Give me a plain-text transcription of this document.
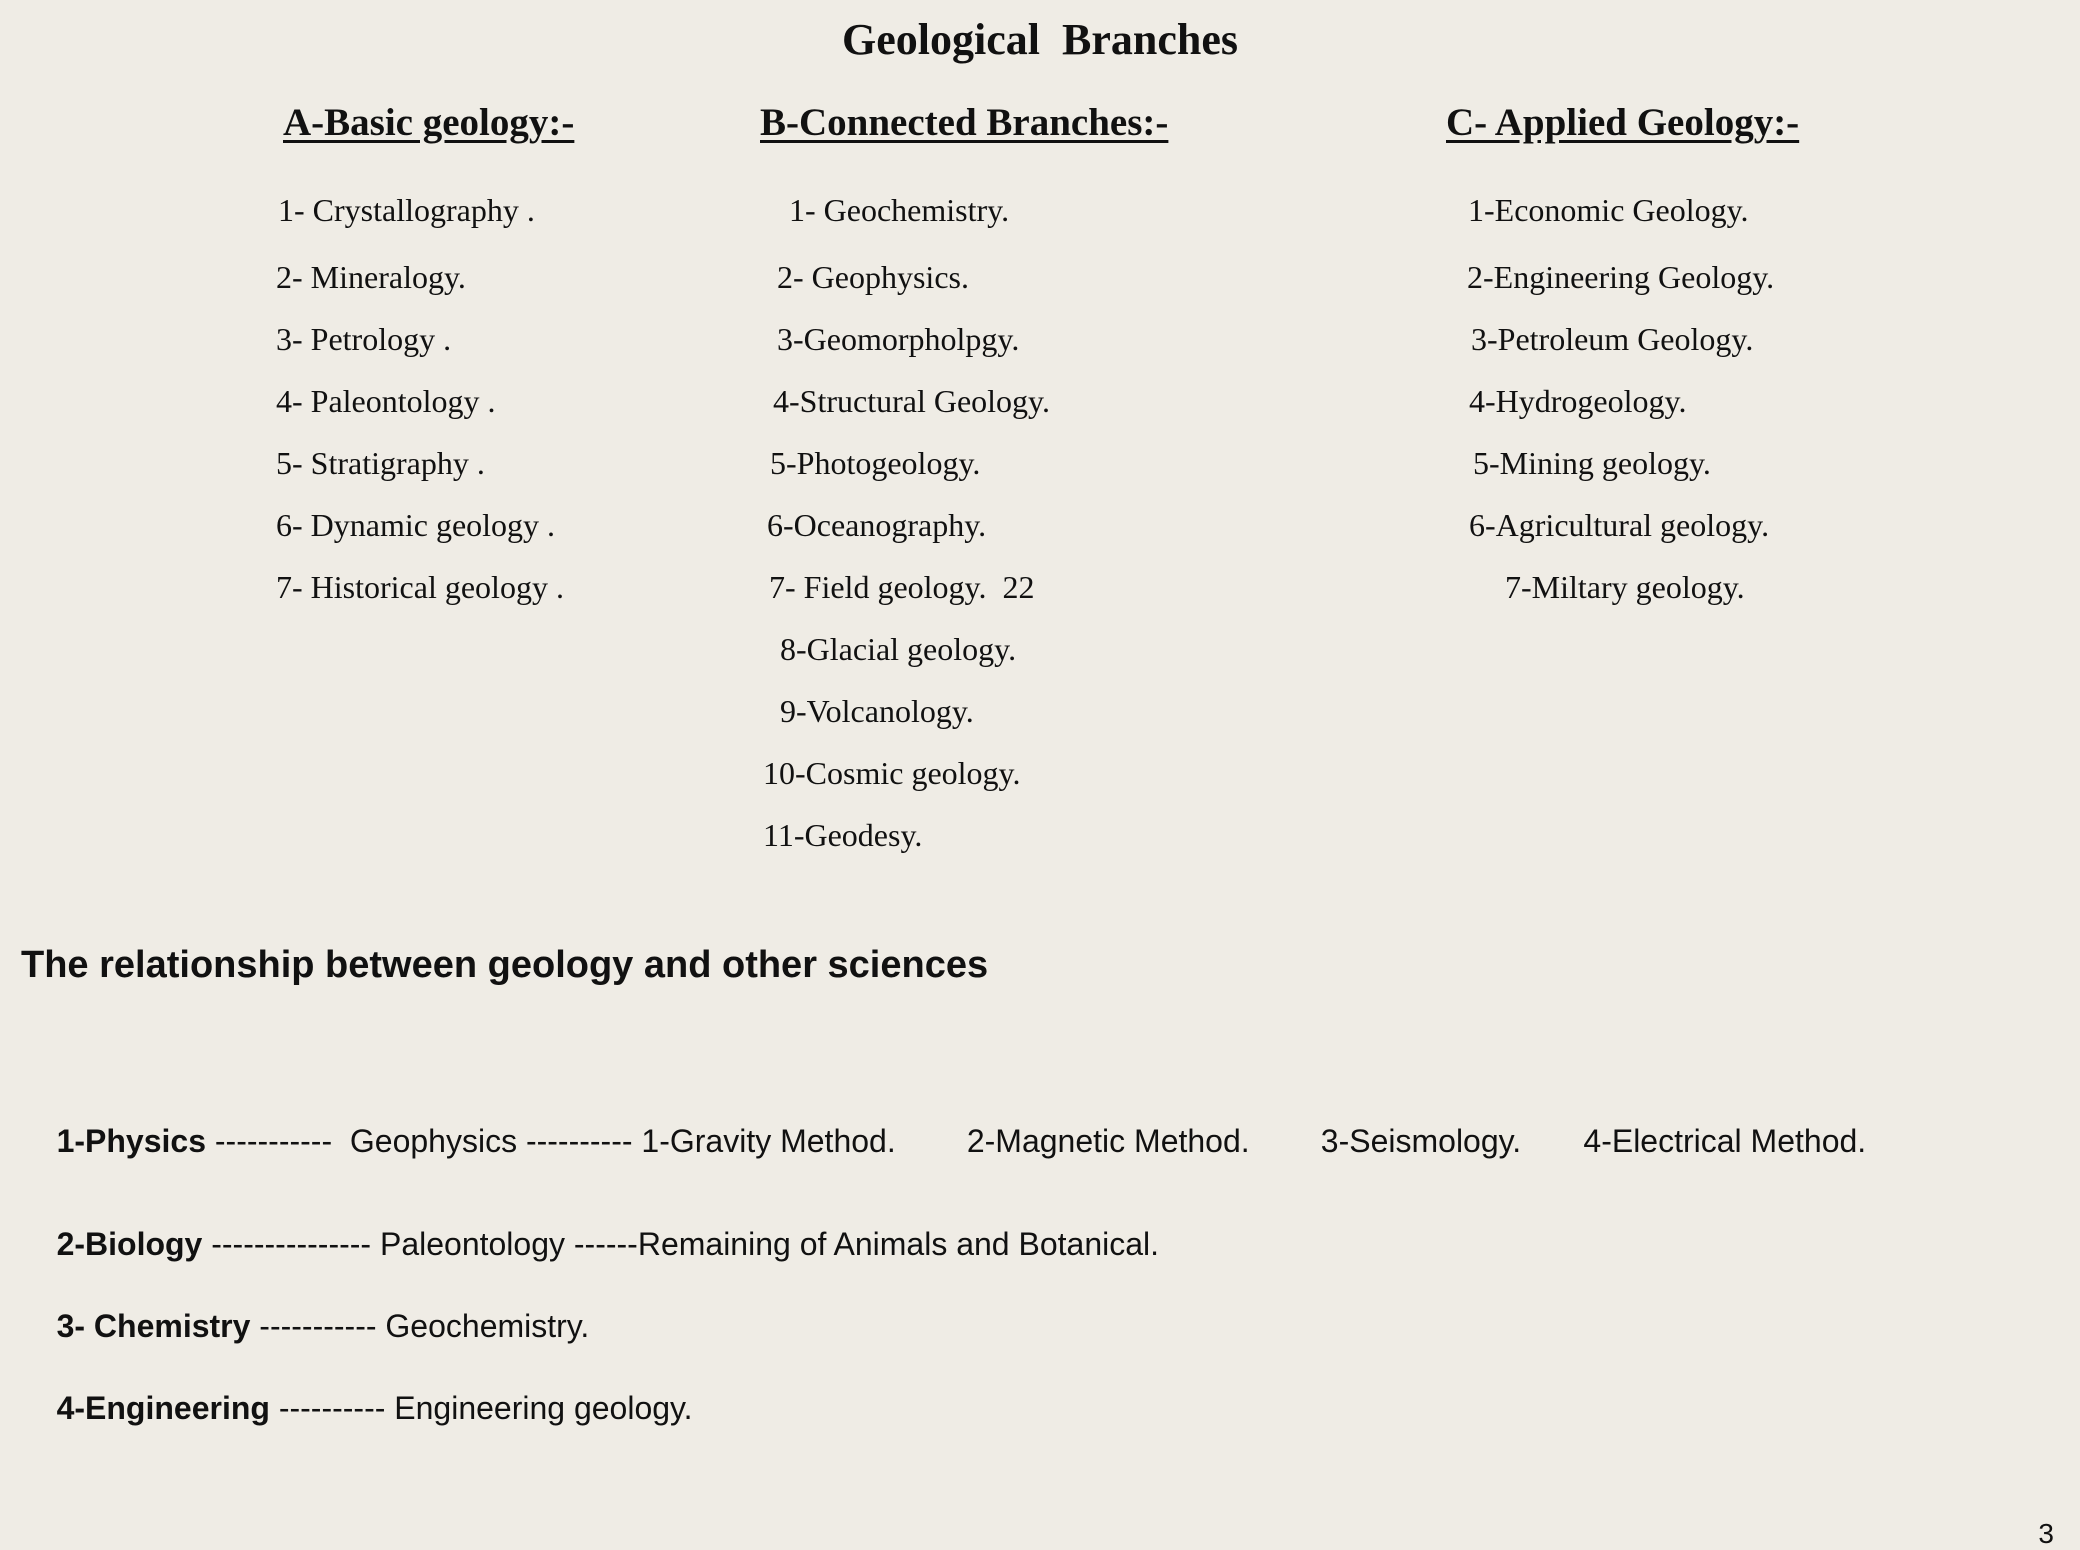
Geological  Branches
A-Basic geology:-
1- Crystallography .
2- Mineralogy.
3- Petrology .
4- Paleontology .
5- Stratigraphy .
6- Dynamic geology .
7- Historical geology .
B-Connected Branches:-
1- Geochemistry.
2- Geophysics.
3-Geomorpholpgy.
4-Structural Geology.
5-Photogeology.
6-Oceanography.
7- Field geology.  22
8-Glacial geology.
9-Volcanology.
10-Cosmic geology.
11-Geodesy.
C- Applied Geology:-
1-Economic Geology.
2-Engineering Geology.
3-Petroleum Geology.
4-Hydrogeology.
5-Mining geology.
6-Agricultural geology.
7-Miltary geology.
The relationship between geology and other sciences

1-Physics -----------  Geophysics ---------- 1-Gravity Method.        2-Magnetic Method.        3-Seismology.       4-Electrical Method.

2-Biology --------------- Paleontology ------Remaining of Animals and Botanical.

3- Chemistry ----------- Geochemistry.

4-Engineering ---------- Engineering geology.

3
